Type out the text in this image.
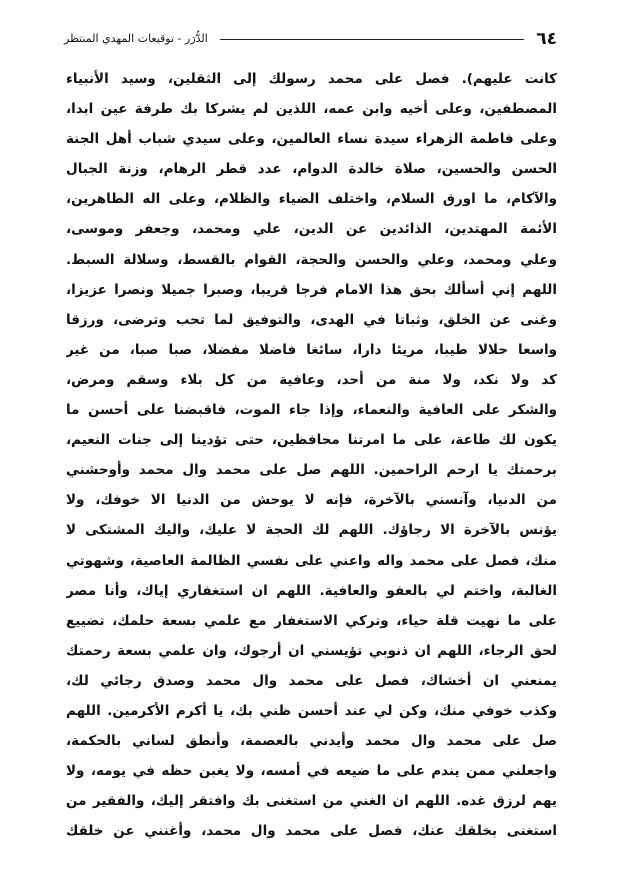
٦٤
الدُّرَر - توقيعات المهدي المنتظر
كانت عليهم). فصل على محمد رسولك إلى الثقلين، وسيد الأنبياء
المصطفين، وعلى أخيه وابن عمه، اللذين لم يشركا بك طرفة عين ابدا،
وعلى فاطمة الزهراء سيدة نساء العالمين، وعلى سيدي شباب أهل الجنة
الحسن والحسين، صلاة خالدة الدوام، عدد قطر الرهام، وزنة الجبال
والآكام، ما اورق السلام، واختلف الضياء والظلام، وعلى اله الطاهرين،
الأئمة المهتدين، الذائدين عن الدين، علي ومحمد، وجعفر وموسى،
وعلي ومحمد، وعلي والحسن والحجة، القوام بالقسط، وسلالة السبط.
اللهم إني أسألك بحق هذا الامام فرجا قريبا، وصبرا جميلا ونصرا عزيزا،
وغنى عن الخلق، وثباتا في الهدى، والتوفيق لما تحب وترضى، ورزقا
واسعا حلالا طيبا، مريئا دارا، سائغا فاضلا مفضلا، صبا صبا، من غير
كد ولا نكد، ولا منة من أحد، وعافية من كل بلاء وسقم ومرض،
والشكر على العافية والنعماء، وإذا جاء الموت، فاقبضنا على أحسن ما
يكون لك طاعة، على ما امرتنا محافظين، حتى تؤدينا إلى جنات النعيم،
برحمتك يا ارحم الراحمين. اللهم صل على محمد وال محمد وأوحشني
من الدنيا، وآنسني بالآخرة، فإنه لا يوحش من الدنيا الا خوفك، ولا
يؤنس بالآخرة الا رجاؤك. اللهم لك الحجة لا عليك، واليك المشتكى لا
منك، فصل على محمد واله واعني على نفسي الظالمة العاصية، وشهوتي
الغالبة، واختم لي بالعفو والعافية. اللهم ان استغفاري إياك، وأنا مصر
على ما نهيت قلة حياء، وتركي الاستغفار مع علمي بسعة حلمك، تضييع
لحق الرجاء، اللهم ان ذنوبي تؤيسني ان أرجوك، وان علمي بسعة رحمتك
يمنعني ان أخشاك، فصل على محمد وال محمد وصدق رجائي لك،
وكذب خوفي منك، وكن لي عند أحسن ظني بك، يا أكرم الأكرمين. اللهم
صل على محمد وال محمد وأيدني بالعصمة، وأنطق لساني بالحكمة،
واجعلني ممن يندم على ما ضيعه في أمسه، ولا يغبن حظه في يومه، ولا
يهم لرزق غده. اللهم ان الغني من استغنى بك وافتقر إليك، والفقير من
استغنى بخلقك عنك، فصل على محمد وال محمد، وأغنني عن خلقك
